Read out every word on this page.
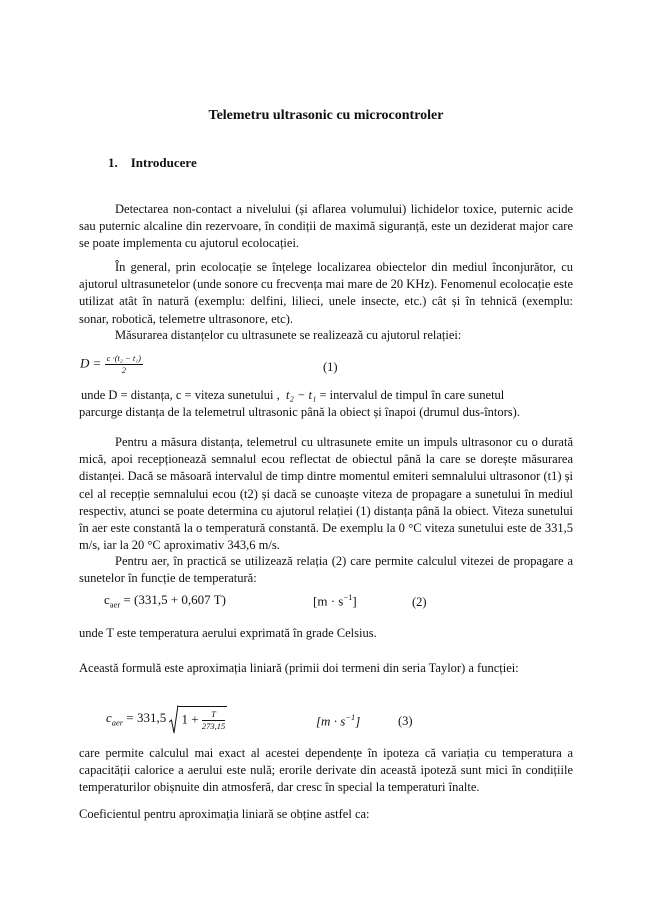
Telemetru ultrasonic cu microcontroler
1. Introducere

Detectarea non-contact a nivelului (și aflarea volumului) lichidelor toxice, puternic acide sau puternic alcaline din rezervoare, în condiții de maximă siguranță, este un deziderat major care se poate implementa cu ajutorul ecolocației.

În general, prin ecolocație se înțelege localizarea obiectelor din mediul înconjurător, cu ajutorul ultrasunetelor (unde sonore cu frecvența mai mare de 20 KHz). Fenomenul ecolocație este utilizat atât în natură (exemplu: delfini, lilieci, unele insecte, etc.) cât și în tehnică (exemplu: sonar, robotică, telemetre ultrasonore, etc).

Măsurarea distanțelor cu ultrasunete se realizează cu ajutorul relației:

$D = \frac{\text{c ·(t₂ − t₁)}}{2}$	(1)
unde D = distanța, c = viteza sunetului , t₂ − t₁ = intervalul de timpul în care sunetul
parcurge distanța de la telemetrul ultrasonic până la obiect și înapoi (drumul dus-întors).

Pentru a măsura distanța, telemetrul cu ultrasunete emite un impuls ultrasonor cu o durată mică, apoi recepționează semnalul ecou reflectat de obiectul până la care se dorește măsurarea distanței. Dacă se măsoară intervalul de timp dintre momentul emiteri semnalului ultrasonor (t1) și cel al recepție semnalului ecou (t2) și dacă se cunoaște viteza de propagare a sunetului în mediul respectiv, atunci se poate determina cu ajutorul relației (1) distanța până la obiect. Viteza sunetului în aer este constantă la o temperatură constantă. De exemplu la 0 °C viteza sunetului este de 331,5 m/s, iar la 20 °C aproximativ 343,6 m/s.

Pentru aer, în practică se utilizează relația (2) care permite calculul vitezei de propagare a sunetelor în funcție de temperatură:

$c_{aer} = (331,5 + 0,607$ T)	$[m \cdot s^{-1}]$	(2)

unde T este temperatura aerului exprimată în grade Celsius.

Această formulă este aproximația liniară (primii doi termeni din seria Taylor) a funcției:

$c_{aer} = 331,5$ $1 + \frac{T}{273,15}$	$[m \cdot s^{-1}]$	(3)

care permite calculul mai exact al acestei dependențe în ipoteza că variația cu temperatura a capacității calorice a aerului este nulă; erorile derivate din această ipoteză sunt mici în condițiile temperaturilor obișnuite din atmosferă, dar cresc în special la temperaturi înalte.

Coeficientul pentru aproximația liniară se obține astfel ca:
